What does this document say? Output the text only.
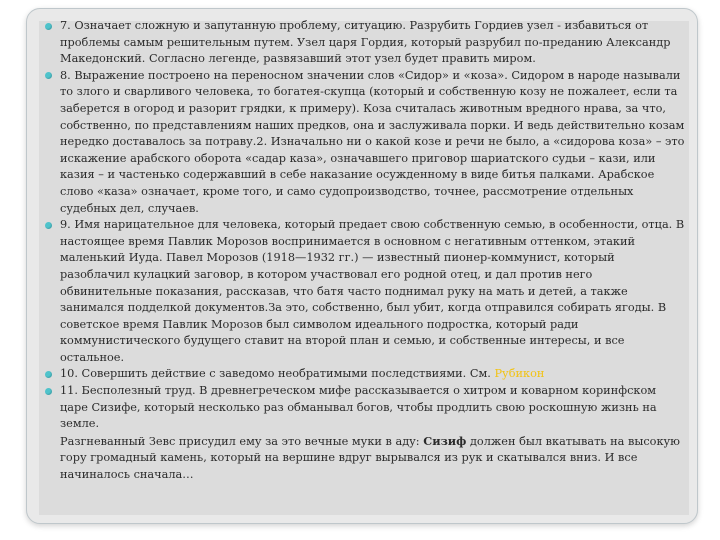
7. Означает сложную и запутанную проблему, ситуацию. Разрубить Гордиев узел - избавиться от проблемы самым решительным путем. Узел царя Гордия, который разрубил по-преданию Александр Македонский. Согласно легенде, развязавший этот узел будет править миром.
8. Выражение построено на переносном значении слов «Сидор» и «коза». Сидором в народе называли то злого и сварливого человека, то богатея-скупца (который и собственную козу не пожалеет, если та заберется в огород и разорит грядки, к примеру). Коза считалась животным вредного нрава, за что, собственно, по представлениям наших предков, она и заслуживала порки. И ведь действительно козам нередко доставалось за потраву.2. Изначально ни о какой козе и речи не было, а «сидорова коза» – это искажение арабского оборота «садар каза», означавшего приговор шариатского судьи – кази, или казия – и частенько содержавший в себе наказание осужденному в виде битья палками. Арабское слово «каза» означает, кроме того, и само судопроизводство, точнее, рассмотрение отдельных судебных дел, случаев.
9. Имя нарицательное для человека, который предает свою собственную семью, в особенности, отца. В настоящее время Павлик Морозов воспринимается в основном с негативным оттенком, этакий маленький Иуда. Павел Морозов (1918—1932 гг.) — известный пионер-коммунист, который разоблачил кулацкий заговор, в котором участвовал его родной отец, и дал против него обвинительные показания, рассказав, что батя часто поднимал руку на мать и детей, а также занимался подделкой документов.За это, собственно, был убит, когда отправился собирать ягоды. В советское время Павлик Морозов был символом идеального подростка, который ради коммунистического будущего ставит на второй план и семью, и собственные интересы, и все остальное.
10. Совершить действие с заведомо необратимыми последствиями. См. Рубикон
11. Бесполезный труд. В древнегреческом мифе рассказывается о хитром и коварном коринфском царе Сизифе, который несколько раз обманывал богов, чтобы продлить свою роскошную жизнь на земле.
Разгневанный Зевс присудил ему за это вечные муки в аду: Сизиф должен был вкатывать на высокую гору громадный камень, который на вершине вдруг вырывался из рук и скатывался вниз. И все начиналось сначала…
